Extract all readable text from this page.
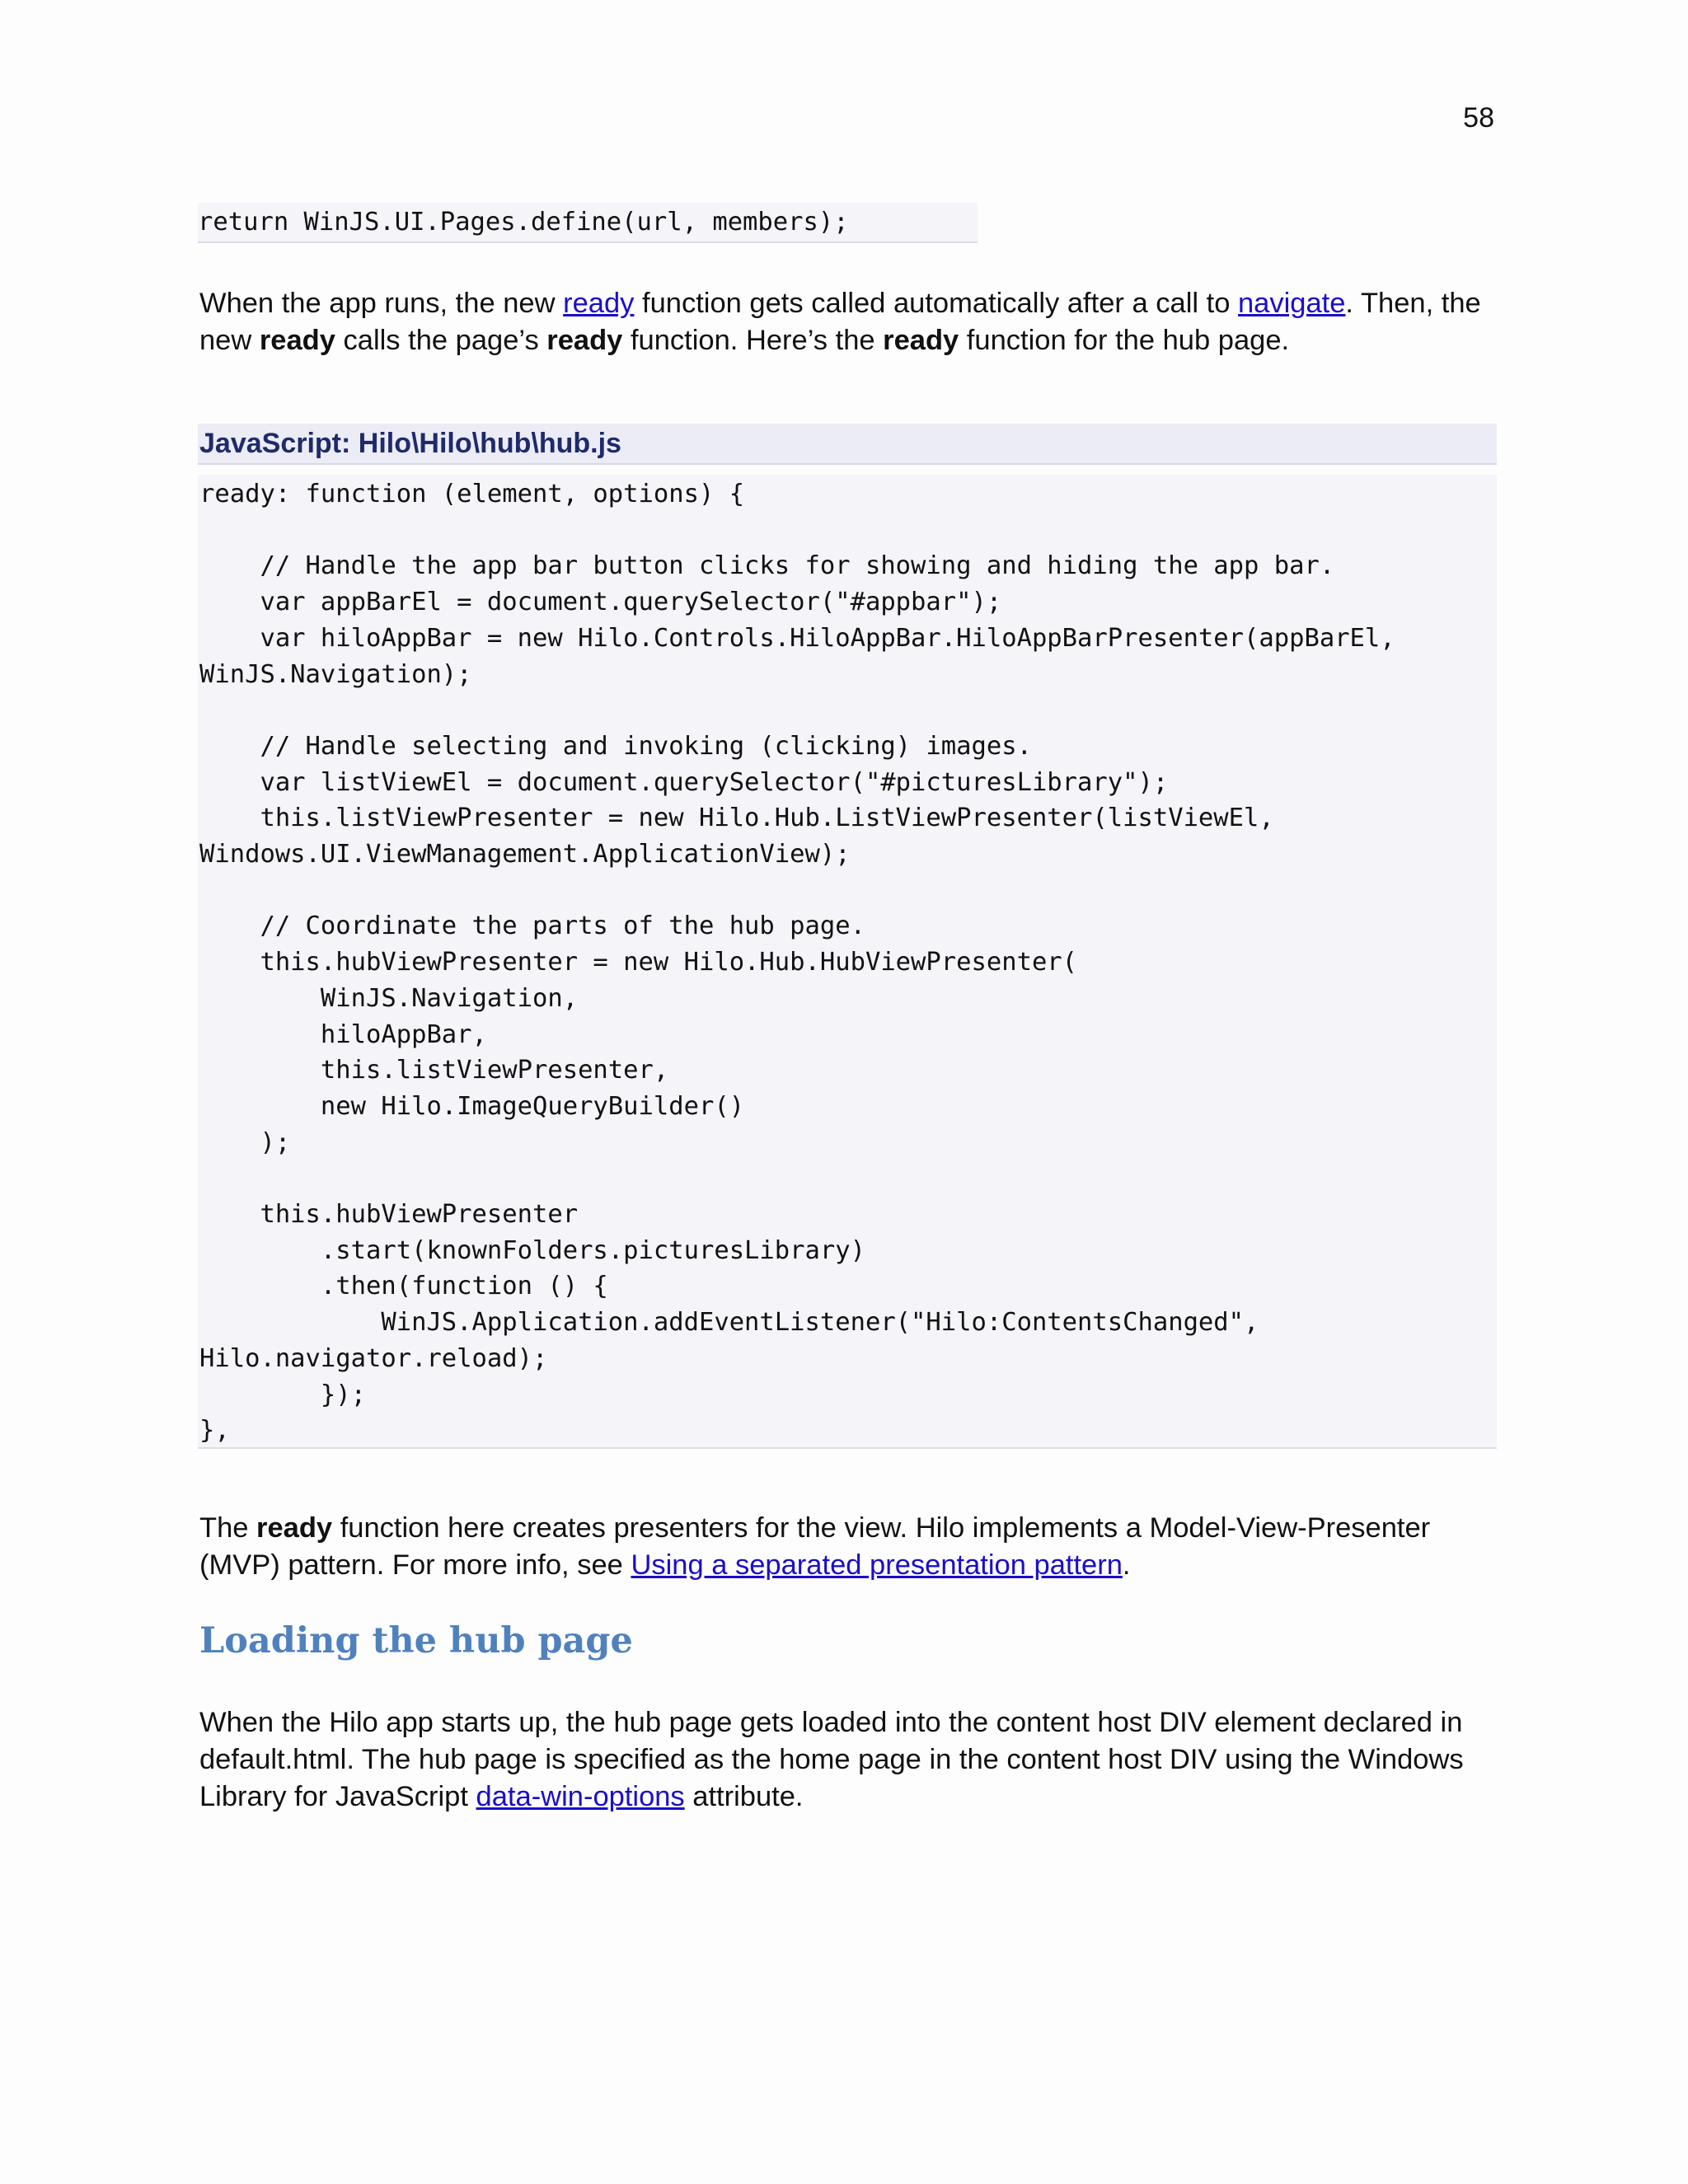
58
return WinJS.UI.Pages.define(url, members);

When the app runs, the new ready function gets called automatically after a call to navigate. Then, the new ready calls the page’s ready function. Here’s the ready function for the hub page.

JavaScript: Hilo\Hilo\hub\hub.js
ready: function (element, options) {

// Handle the app bar button clicks for showing and hiding the app bar.
var appBarEl = document.querySelector("#appbar");
var hiloAppBar = new Hilo.Controls.HiloAppBar.HiloAppBarPresenter(appBarEl,
WinJS.Navigation);

// Handle selecting and invoking (clicking) images.
var listViewEl = document.querySelector("#picturesLibrary");
this.listViewPresenter = new Hilo.Hub.ListViewPresenter(listViewEl,
Windows.UI.ViewManagement.ApplicationView);

// Coordinate the parts of the hub page.
this.hubViewPresenter = new Hilo.Hub.HubViewPresenter(
WinJS.Navigation,
hiloAppBar,
this.listViewPresenter,
new Hilo.ImageQueryBuilder()
);

this.hubViewPresenter
.start(knownFolders.picturesLibrary)
.then(function () {
WinJS.Application.addEventListener("Hilo:ContentsChanged",
Hilo.navigator.reload);
});
},

The ready function here creates presenters for the view. Hilo implements a Model-View-Presenter (MVP) pattern. For more info, see Using a separated presentation pattern.

Loading the hub page

When the Hilo app starts up, the hub page gets loaded into the content host DIV element declared in default.html. The hub page is specified as the home page in the content host DIV using the Windows Library for JavaScript data-win-options attribute.
